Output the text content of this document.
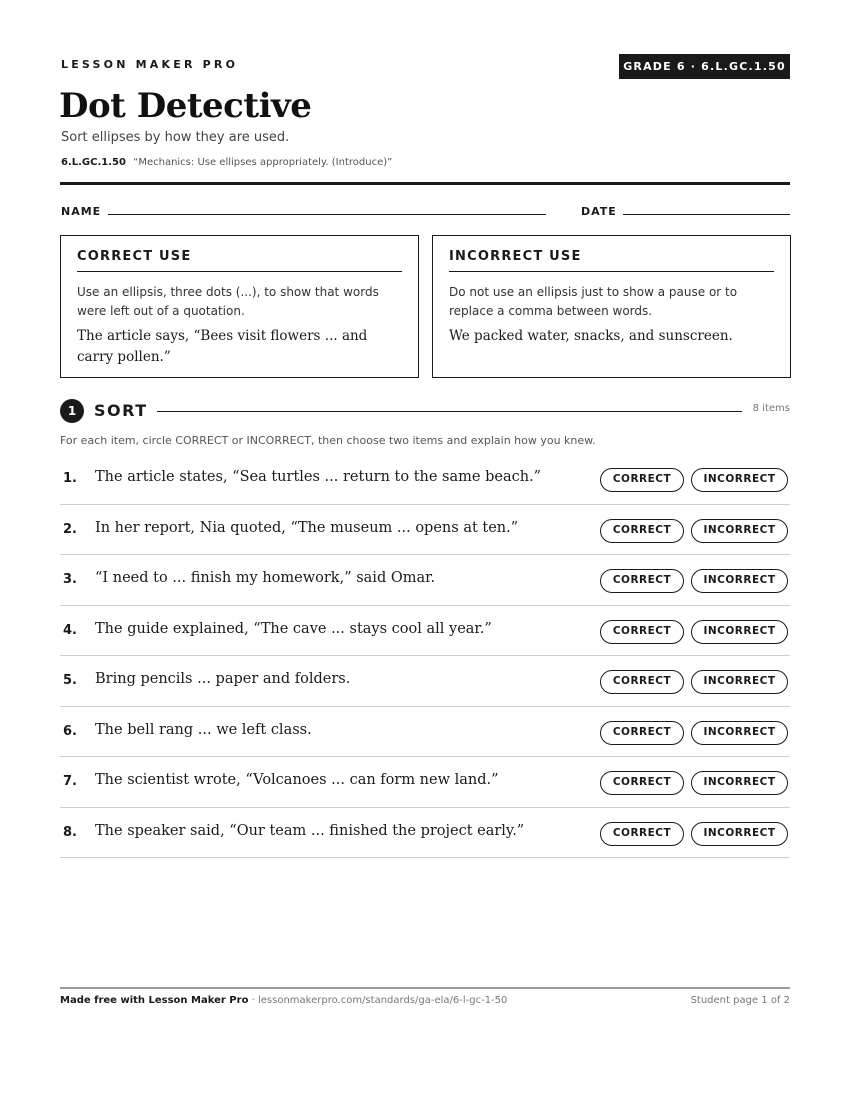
LESSON MAKER PRO	GRADE 6 · 6.L.GC.1.50
Dot Detective
Sort ellipses by how they are used.
6.L.GC.1.50 “Mechanics: Use ellipses appropriately. (Introduce)”
NAME	DATE
CORRECT USE
Use an ellipsis, three dots (...), to show that words were left out of a quotation.
The article says, “Bees visit flowers ... and carry pollen.”
INCORRECT USE
Do not use an ellipsis just to show a pause or to replace a comma between words.
We packed water, snacks, and sunscreen.
1	SORT	8 items
For each item, circle CORRECT or INCORRECT, then choose two items and explain how you knew.
1. The article states, “Sea turtles ... return to the same beach.”	CORRECT	INCORRECT
2. In her report, Nia quoted, “The museum ... opens at ten.”	CORRECT	INCORRECT
3. “I need to ... finish my homework,” said Omar.	CORRECT	INCORRECT
4. The guide explained, “The cave ... stays cool all year.”	CORRECT	INCORRECT
5. Bring pencils ... paper and folders.	CORRECT	INCORRECT
6. The bell rang ... we left class.	CORRECT	INCORRECT
7. The scientist wrote, “Volcanoes ... can form new land.”	CORRECT	INCORRECT
8. The speaker said, “Our team ... finished the project early.”	CORRECT	INCORRECT
Made free with Lesson Maker Pro · lessonmakerpro.com/standards/ga-ela/6-l-gc-1-50	Student page 1 of 2
